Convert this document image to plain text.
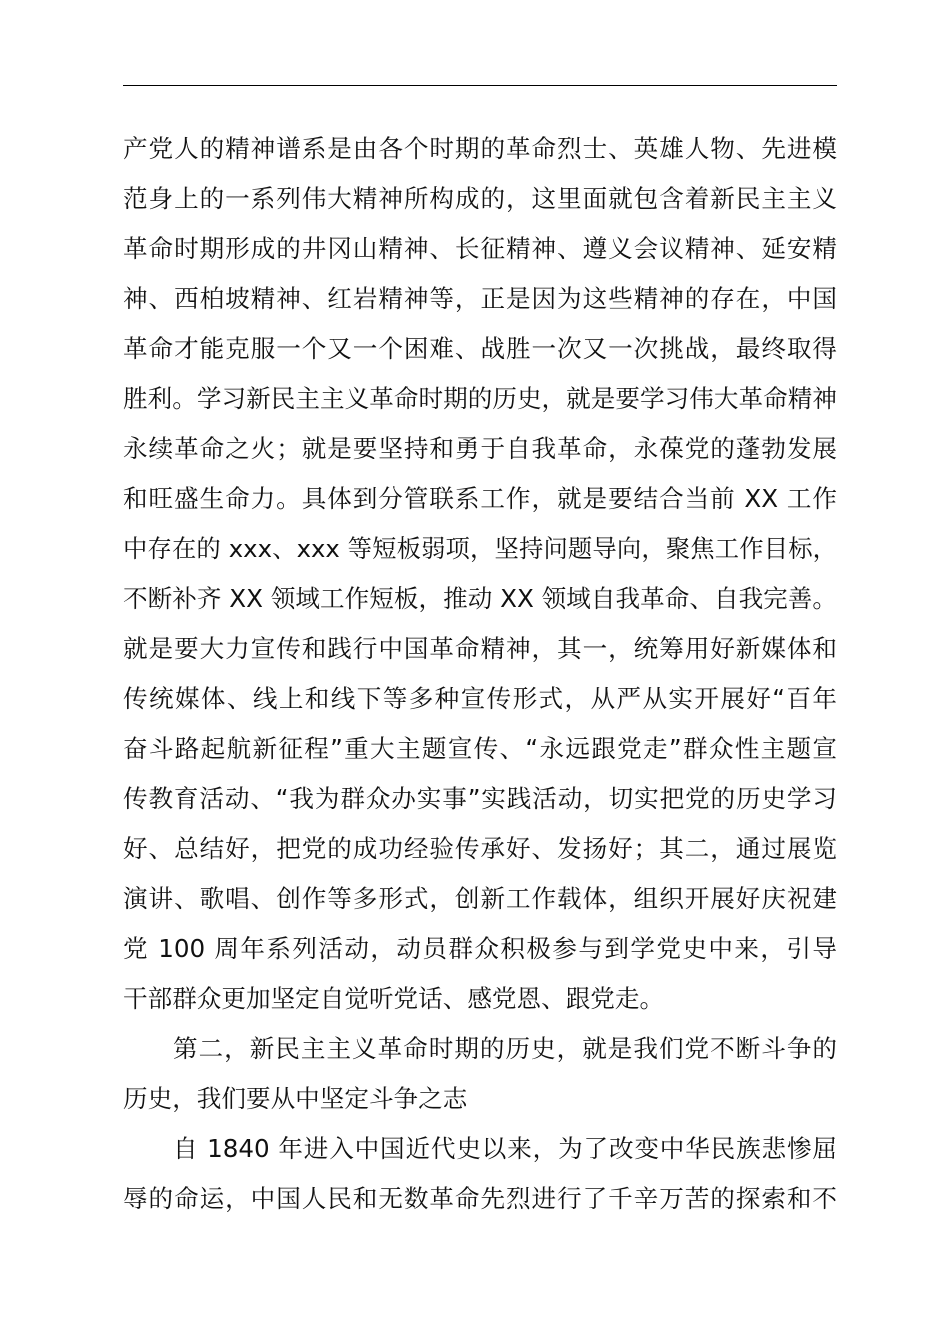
产党人的精神谱系是由各个时期的革命烈士、英雄人物、先进模
范身上的一系列伟大精神所构成的，这里面就包含着新民主主义
革命时期形成的井冈山精神、长征精神、遵义会议精神、延安精
神、西柏坡精神、红岩精神等，正是因为这些精神的存在，中国
革命才能克服一个又一个困难、战胜一次又一次挑战，最终取得
胜利。学习新民主主义革命时期的历史，就是要学习伟大革命精神
永续革命之火；就是要坚持和勇于自我革命，永葆党的蓬勃发展
和旺盛生命力。具体到分管联系工作，就是要结合当前 XX 工作
中存在的 xxx、xxx 等短板弱项，坚持问题导向，聚焦工作目标，
不断补齐 XX 领域工作短板，推动 XX 领域自我革命、自我完善。
就是要大力宣传和践行中国革命精神，其一，统筹用好新媒体和
传统媒体、线上和线下等多种宣传形式，从严从实开展好“百年
奋斗路起航新征程”重大主题宣传、“永远跟党走”群众性主题宣
传教育活动、“我为群众办实事”实践活动，切实把党的历史学习
好、总结好，把党的成功经验传承好、发扬好；其二，通过展览
演讲、歌唱、创作等多形式，创新工作载体，组织开展好庆祝建
党 100 周年系列活动，动员群众积极参与到学党史中来，引导
干部群众更加坚定自觉听党话、感党恩、跟党走。
第二，新民主主义革命时期的历史，就是我们党不断斗争的
历史，我们要从中坚定斗争之志
自 1840 年进入中国近代史以来，为了改变中华民族悲惨屈
辱的命运，中国人民和无数革命先烈进行了千辛万苦的探索和不
